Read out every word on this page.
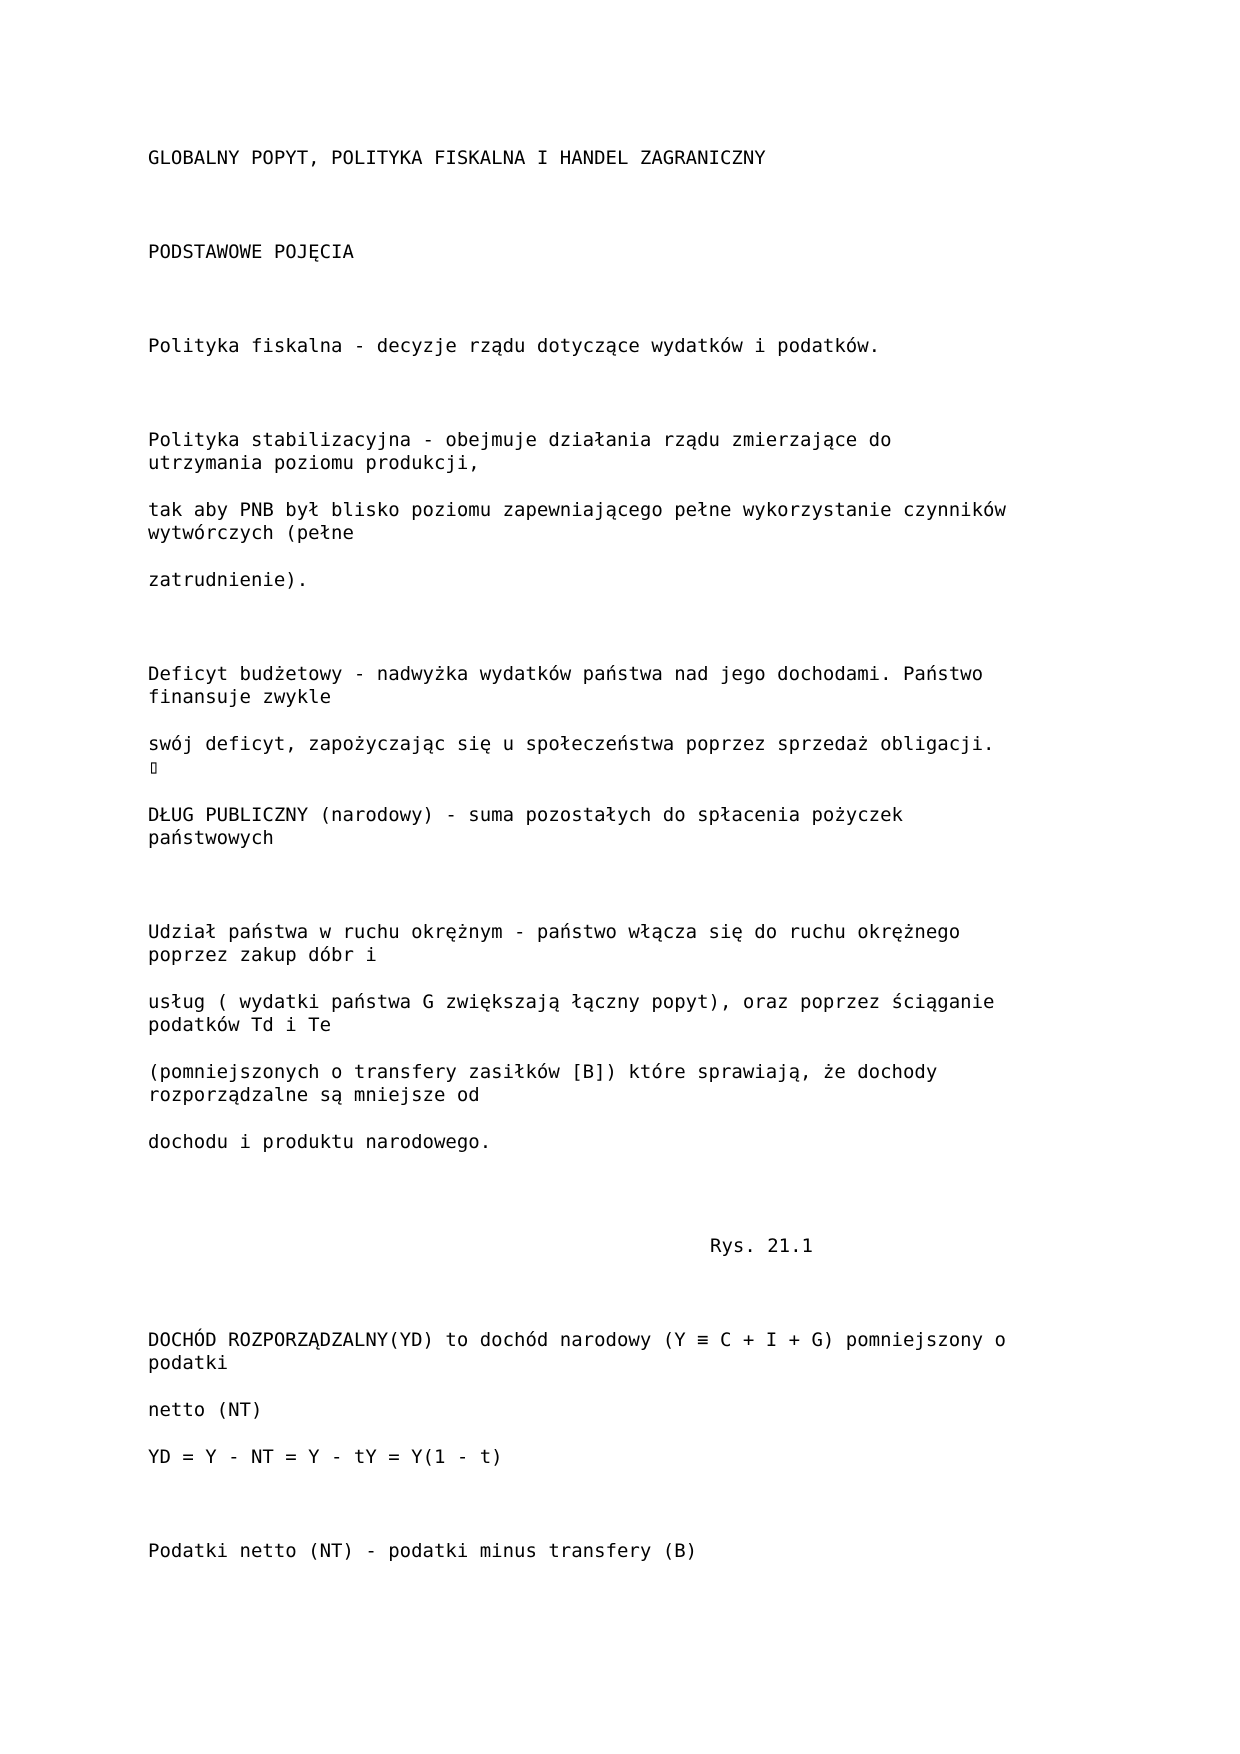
GLOBALNY POPYT, POLITYKA FISKALNA I HANDEL ZAGRANICZNY

PODSTAWOWE POJĘCIA

Polityka fiskalna - decyzje rządu dotyczące wydatków i podatków.

Polityka stabilizacyjna - obejmuje działania rządu zmierzające do

utrzymania poziomu produkcji,

tak aby PNB był blisko poziomu zapewniającego pełne wykorzystanie czynników

wytwórczych (pełne

zatrudnienie).

Deficyt budżetowy - nadwyżka wydatków państwa nad jego dochodami. Państwo

finansuje zwykle

swój deficyt, zapożyczając się u społeczeństwa poprzez sprzedaż obligacji.

▯

DŁUG PUBLICZNY (narodowy) - suma pozostałych do spłacenia pożyczek

państwowych

Udział państwa w ruchu okrężnym - państwo włącza się do ruchu okrężnego

poprzez zakup dóbr i

usług ( wydatki państwa G zwiększają łączny popyt), oraz poprzez ściąganie

podatków Td i Te

(pomniejszonych o transfery zasiłków [B]) które sprawiają, że dochody

rozporządzalne są mniejsze od

dochodu i produktu narodowego.

Rys. 21.1

DOCHÓD ROZPORZĄDZALNY(YD) to dochód narodowy (Y ≡ C + I + G) pomniejszony o

podatki

netto (NT)

YD = Y - NT = Y - tY = Y(1 - t)

Podatki netto (NT) - podatki minus transfery (B)
